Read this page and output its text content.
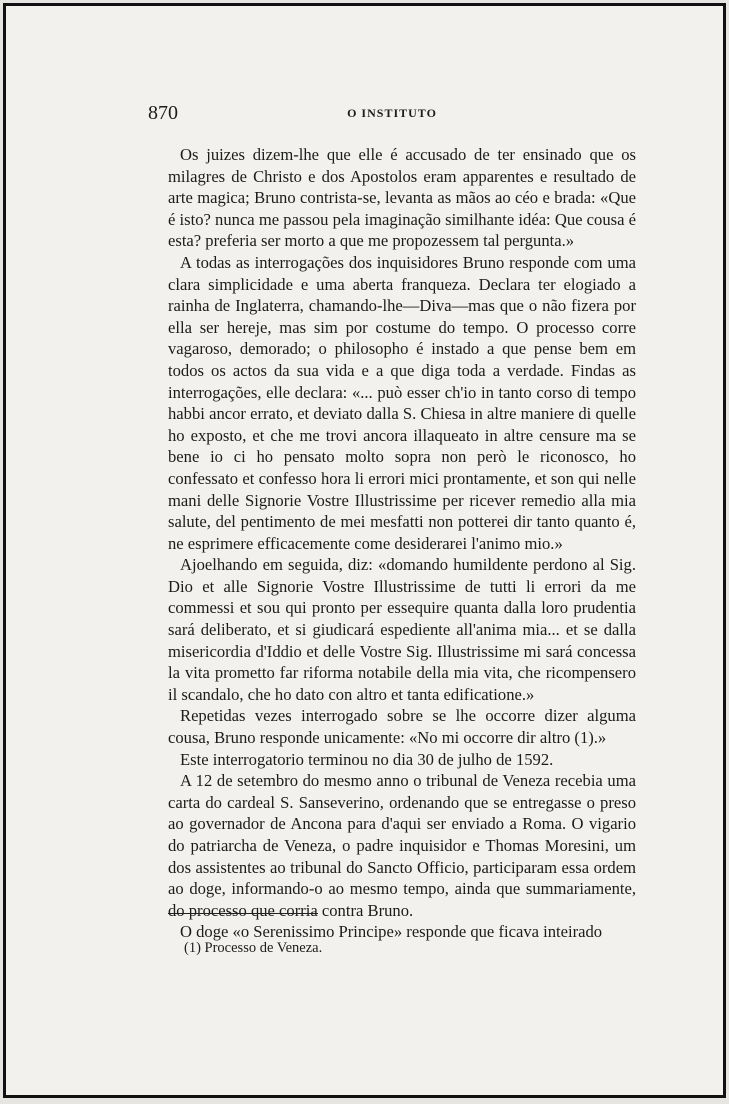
870	O INSTITUTO

Os juizes dizem-lhe que elle é accusado de ter ensinado que os milagres de Christo e dos Apostolos eram apparentes e resultado de arte magica; Bruno contrista-se, levanta as mãos ao céo e brada: «Que é isto? nunca me passou pela imaginação similhante idéa: Que cousa é esta? preferia ser morto a que me propozessem tal pergunta.»

A todas as interrogações dos inquisidores Bruno responde com uma clara simplicidade e uma aberta franqueza. Declara ter elogiado a rainha de Inglaterra, chamando-lhe—Diva—mas que o não fizera por ella ser hereje, mas sim por costume do tempo. O processo corre vagaroso, demorado; o philosopho é instado a que pense bem em todos os actos da sua vida e a que diga toda a verdade. Findas as interrogações, elle declara: «... può esser ch'io in tanto corso di tempo habbi ancor errato, et deviato dalla S. Chiesa in altre maniere di quelle ho exposto, et che me trovi ancora illaqueato in altre censure ma se bene io ci ho pensato molto sopra non però le riconosco, ho confessato et confesso hora li errori mici prontamente, et son qui nelle mani delle Signorie Vostre Illustrissime per ricever remedio alla mia salute, del pentimento de mei mesfatti non potterei dir tanto quanto é, ne esprimere efficacemente come desiderarei l'animo mio.»

Ajoelhando em seguida, diz: «domando humildente perdono al Sig. Dio et alle Signorie Vostre Illustrissime de tutti li errori da me commessi et sou qui pronto per essequire quanta dalla loro prudentia sará deliberato, et si giudicará espediente all'anima mia... et se dalla misericordia d'Iddio et delle Vostre Sig. Illustrissime mi sará concessa la vita prometto far riforma notabile della mia vita, che ricompensero il scandalo, che ho dato con altro et tanta edificatione.»

Repetidas vezes interrogado sobre se lhe occorre dizer alguma cousa, Bruno responde unicamente: «No mi occorre dir altro (1).»

Este interrogatorio terminou no dia 30 de julho de 1592.

A 12 de setembro do mesmo anno o tribunal de Veneza recebia uma carta do cardeal S. Sanseverino, ordenando que se entregasse o preso ao governador de Ancona para d'aqui ser enviado a Roma. O vigario do patriarcha de Veneza, o padre inquisidor e Thomas Moresini, um dos assistentes ao tribunal do Sancto Officio, participaram essa ordem ao doge, informando-o ao mesmo tempo, ainda que summariamente, do processo que corria contra Bruno.

O doge «o Serenissimo Principe» responde que ficava inteirado

(1) Processo de Veneza.
